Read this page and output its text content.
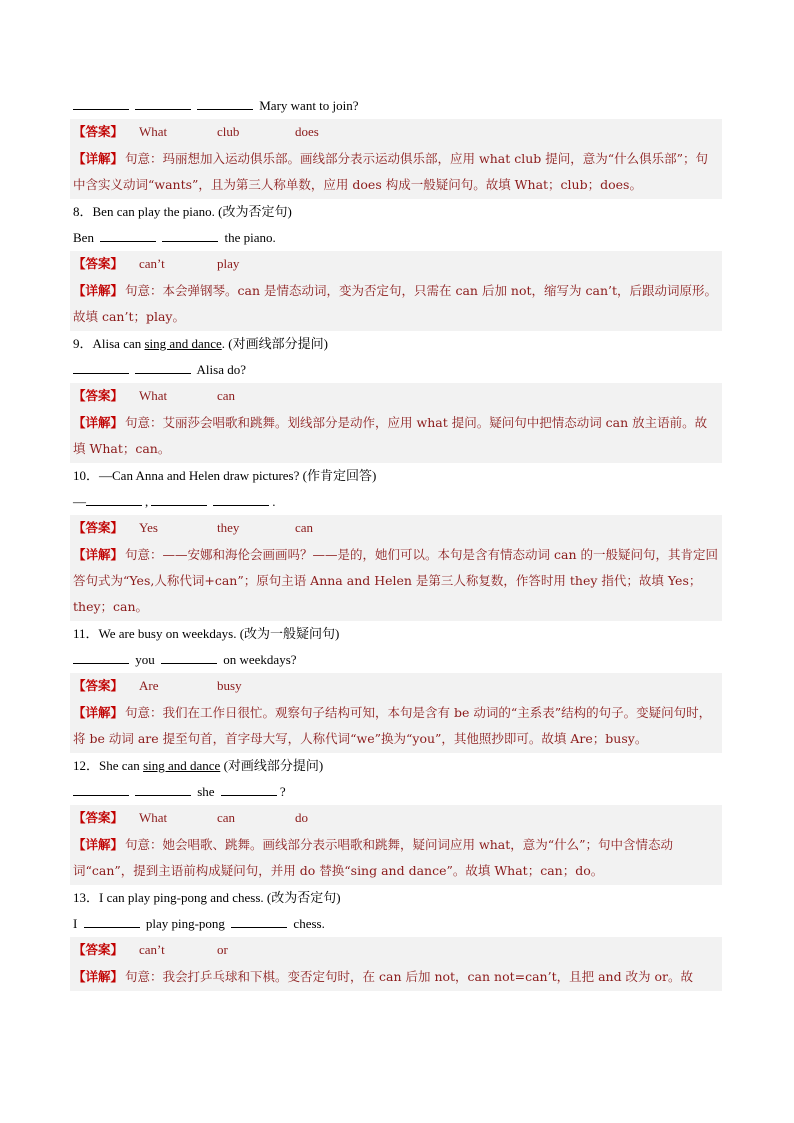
Mary want to join?
【答案】 What	club	does
【详解】 句意：玛丽想加入运动俱乐部。画线部分表示运动俱乐部，应用 what club 提问，意为“什么俱乐部”；句中含实义动词“wants”，且为第三人称单数，应用 does 构成一般疑问句。故填 What；club；does。
8．Ben can play the piano. (改为否定句)
Ben	the piano.
【答案】 can’t	play
【详解】 句意：本会弹钢琴。can 是情态动词，变为否定句，只需在 can 后加 not，缩写为 can’t，后跟动词原形。故填 can’t；play。
9．Alisa can sing and dance. (对画线部分提问)
Alisa do?
【答案】 What	can
【详解】 句意：艾丽莎会唱歌和跳舞。划线部分是动作，应用 what 提问。疑问句中把情态动词 can 放主语前。故填 What；can。
10．—Can Anna and Helen draw pictures? (作肯定回答)
—	,	.
【答案】 Yes	they	can
【详解】 句意：——安娜和海伦会画画吗？——是的，她们可以。本句是含有情态动词 can 的一般疑问句，其肯定回答句式为“Yes,人称代词+can”；原句主语 Anna and Helen 是第三人称复数，作答时用 they 指代；故填 Yes；they；can。
11．We are busy on weekdays. (改为一般疑问句)
you	on weekdays?
【答案】 Are	busy
【详解】 句意：我们在工作日很忙。观察句子结构可知，本句是含有 be 动词的“主系表”结构的句子。变疑问句时，将 be 动词 are 提至句首，首字母大写，人称代词“we”换为“you”，其他照抄即可。故填 Are；busy。
12．She can sing and dance (对画线部分提问)
she	?
【答案】 What	can	do
【详解】 句意：她会唱歌、跳舞。画线部分表示唱歌和跳舞，疑问词应用 what，意为“什么”；句中含情态动词“can”，提到主语前构成疑问句，并用 do 替换“sing and dance”。故填 What；can；do。
13．I can play ping-pong and chess. (改为否定句)
I	play ping-pong	chess.
【答案】 can’t	or
【详解】 句意：我会打乒乓球和下棋。变否定句时，在 can 后加 not，can not=can’t，且把 and 改为 or。故
